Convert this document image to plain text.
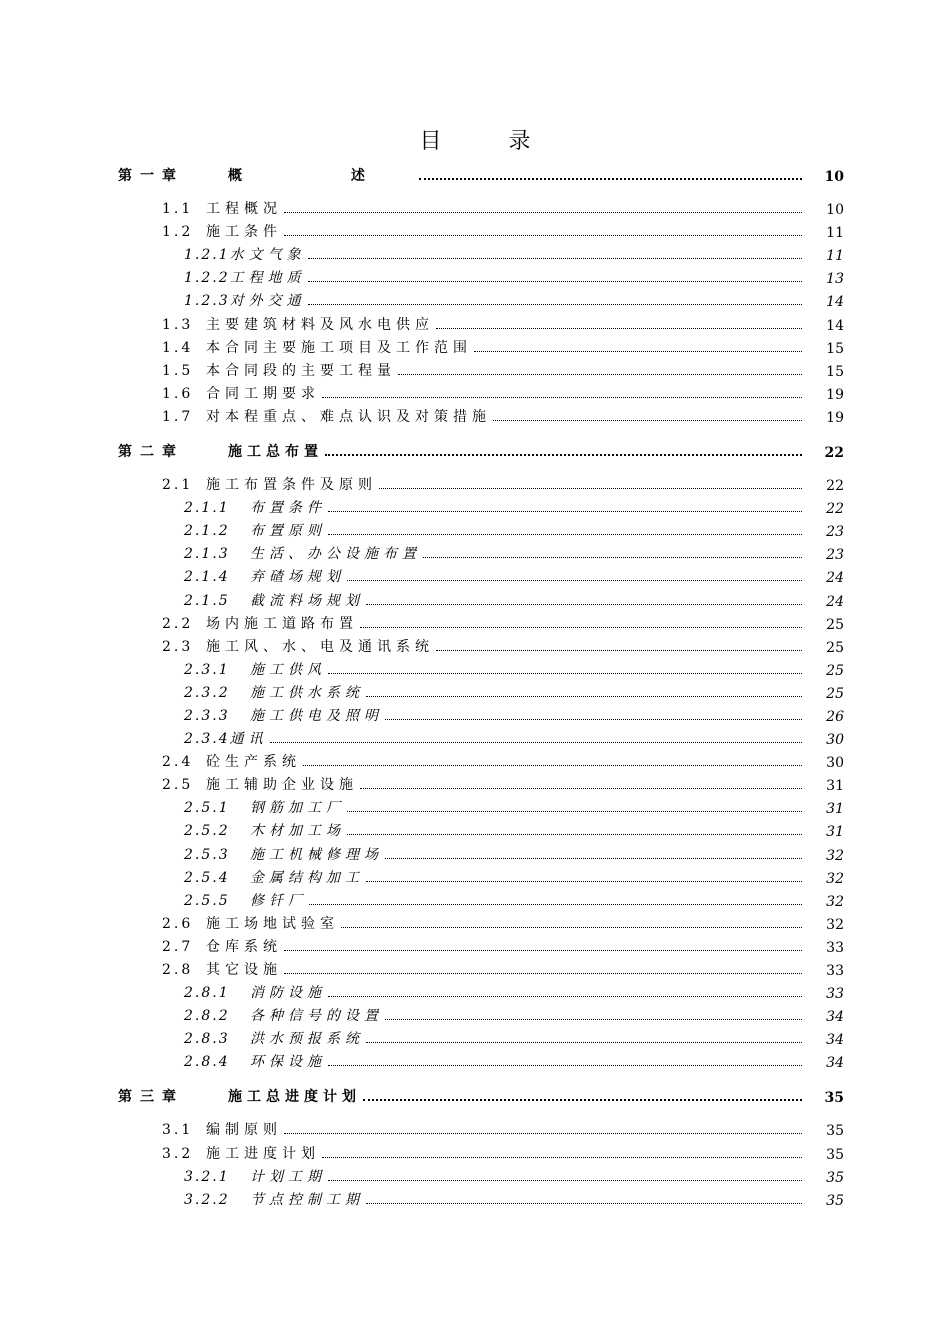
目 录
第一章	概 述	10
1.1 工程概况	10
1.2 施工条件	11
1.2.1水文气象	11
1.2.2工程地质	13
1.2.3对外交通	14
1.3 主要建筑材料及风水电供应	14
1.4 本合同主要施工项目及工作范围	15
1.5 本合同段的主要工程量	15
1.6 合同工期要求	19
1.7 对本程重点、难点认识及对策措施	19
第二章	施工总布置	22
2.1 施工布置条件及原则	22
2.1.1 布置条件	22
2.1.2 布置原则	23
2.1.3 生活、办公设施布置	23
2.1.4 弃碴场规划	24
2.1.5 截流料场规划	24
2.2 场内施工道路布置	25
2.3 施工风、水、电及通讯系统	25
2.3.1 施工供风	25
2.3.2 施工供水系统	25
2.3.3 施工供电及照明	26
2.3.4通讯	30
2.4 砼生产系统	30
2.5 施工辅助企业设施	31
2.5.1 钢筋加工厂	31
2.5.2 木材加工场	31
2.5.3 施工机械修理场	32
2.5.4 金属结构加工	32
2.5.5 修钎厂	32
2.6 施工场地试验室	32
2.7 仓库系统	33
2.8 其它设施	33
2.8.1 消防设施	33
2.8.2 各种信号的设置	34
2.8.3 洪水预报系统	34
2.8.4 环保设施	34
第三章	施工总进度计划	35
3.1 编制原则	35
3.2 施工进度计划	35
3.2.1 计划工期	35
3.2.2 节点控制工期	35
